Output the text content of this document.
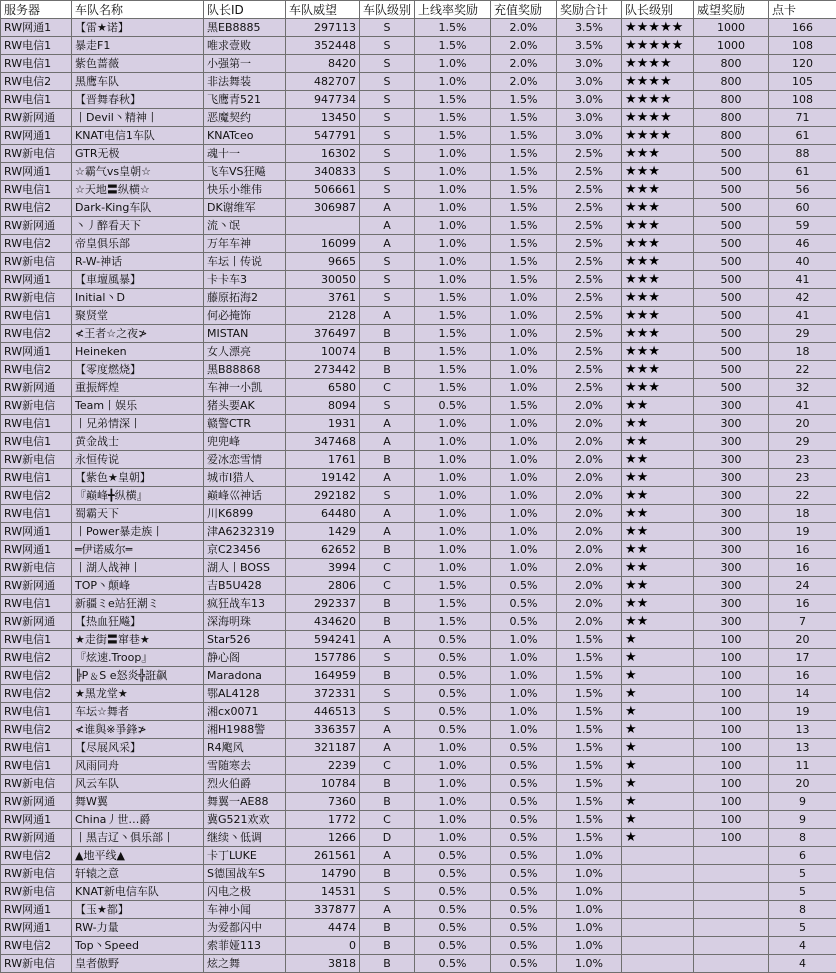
服务器	车队名称	队长ID	车队威望	车队级别	上线率奖励	充值奖励	奖励合计	队长级别	威望奖励	点卡
RW网通1	【雷★诺】	黑EB8885	297113	S	1.5%	2.0%	3.5%	★★★★★	1000	166
RW电信1	暴走F1	唯求壹败	352448	S	1.5%	2.0%	3.5%	★★★★★	1000	108
RW电信1	紫色蔷薇	小强第一	8420	S	1.0%	2.0%	3.0%	★★★★	800	120
RW电信2	黑鹰车队	非法舞装	482707	S	1.0%	2.0%	3.0%	★★★★	800	105
RW电信1	【晋舞春秋】	飞鹰青521	947734	S	1.5%	1.5%	3.0%	★★★★	800	108
RW新网通	丨Devil丶精神丨	恶魔契约	13450	S	1.5%	1.5%	3.0%	★★★★	800	71
RW网通1	KNAT电信1车队	KNATceo	547791	S	1.5%	1.5%	3.0%	★★★★	800	61
RW新电信	GTR无极	魂十一	16302	S	1.0%	1.5%	2.5%	★★★	500	88
RW网通1	☆霸气vs皇朝☆	飞车VS狂飚	340833	S	1.0%	1.5%	2.5%	★★★	500	61
RW电信1	☆天地〓纵横☆	快乐小维伟	506661	S	1.0%	1.5%	2.5%	★★★	500	56
RW电信2	Dark-King车队	DK谢维军	306987	A	1.0%	1.5%	2.5%	★★★	500	60
RW新网通	丶丿醉看天下	流丶氓		A	1.0%	1.5%	2.5%	★★★	500	59
RW电信2	帝皇俱乐部	万年车神	16099	A	1.0%	1.5%	2.5%	★★★	500	46
RW新电信	R-W-神话	车坛丨传说	9665	S	1.0%	1.5%	2.5%	★★★	500	40
RW网通1	【車壇風暴】	卡卡车3	30050	S	1.0%	1.5%	2.5%	★★★	500	41
RW新电信	Initial丶D	藤原拓海2	3761	S	1.5%	1.0%	2.5%	★★★	500	42
RW电信1	聚贤堂	何必掩饰	2128	A	1.5%	1.0%	2.5%	★★★	500	41
RW电信2	≮王者☆之夜≯	MISTAN	376497	B	1.5%	1.0%	2.5%	★★★	500	29
RW网通1	Heineken	女人漂亮	10074	B	1.5%	1.0%	2.5%	★★★	500	18
RW电信2	【零度燃烧】	黑B88868	273442	B	1.5%	1.0%	2.5%	★★★	500	22
RW新网通	重振辉煌	车神一小凯	6580	C	1.5%	1.0%	2.5%	★★★	500	32
RW新电信	Team丨娱乐	猪头要AK	8094	S	0.5%	1.5%	2.0%	★★	300	41
RW电信1	丨兄弟情深丨	赣警CTR	1931	A	1.0%	1.0%	2.0%	★★	300	20
RW电信1	黄金战士	兜兜峰	347468	A	1.0%	1.0%	2.0%	★★	300	29
RW新电信	永恒传说	爱冰恋雪情	1761	B	1.0%	1.0%	2.0%	★★	300	23
RW电信1	【紫色★皇朝】	城市I猎人	19142	A	1.0%	1.0%	2.0%	★★	300	23
RW电信2	『巅峰╋纵横』	巅峰巛神话	292182	S	1.0%	1.0%	2.0%	★★	300	22
RW电信1	蜀霸天下	川K6899	64480	A	1.0%	1.0%	2.0%	★★	300	18
RW网通1	丨Power暴走族丨	津A6232319	1429	A	1.0%	1.0%	2.0%	★★	300	19
RW网通1	═伊诺威尔═	京C23456	62652	B	1.0%	1.0%	2.0%	★★	300	16
RW新电信	丨湖人战神丨	湖人丨BOSS	3994	C	1.0%	1.0%	2.0%	★★	300	16
RW新网通	TOP丶颠峰	吉B5U428	2806	C	1.5%	0.5%	2.0%	★★	300	24
RW电信1	新疆ミe站狂潮ミ	疯狂战车13	292337	B	1.5%	0.5%	2.0%	★★	300	16
RW新网通	【热血狂飚】	深海明珠	434620	B	1.5%	0.5%	2.0%	★★	300	7
RW电信1	★走街〓窜巷★	Star526	594241	A	0.5%	1.0%	1.5%	★	100	20
RW电信2	『炫速.Troop』	静心阁	157786	S	0.5%	1.0%	1.5%	★	100	17
RW电信2	╠P﹠S e怒炎╬誑飙	Maradona	164959	B	0.5%	1.0%	1.5%	★	100	16
RW电信2	★黑龙堂★	鄂AL4128	372331	S	0.5%	1.0%	1.5%	★	100	14
RW电信1	车坛☆舞者	湘cx0071	446513	S	0.5%	1.0%	1.5%	★	100	19
RW电信2	≮谁與※爭鋒≯	湘H1988警	336357	A	0.5%	1.0%	1.5%	★	100	13
RW电信1	【尽展风采】	R4飑风	321187	A	1.0%	0.5%	1.5%	★	100	13
RW电信1	风雨同舟	雪随寒去	2239	C	1.0%	0.5%	1.5%	★	100	11
RW新电信	风云车队	烈火伯爵	10784	B	1.0%	0.5%	1.5%	★	100	20
RW新网通	舞W翼	舞翼一AE88	7360	B	1.0%	0.5%	1.5%	★	100	9
RW网通1	China丿世…爵	冀G521欢欢	1772	C	1.0%	0.5%	1.5%	★	100	9
RW新网通	丨黑吉辽丶俱乐部丨	继续丶低调	1266	D	1.0%	0.5%	1.5%	★	100	8
RW电信2	▲地平线▲	卡丁LUKE	261561	A	0.5%	0.5%	1.0%			6
RW新电信	轩辕之意	S德国战车S	14790	B	0.5%	0.5%	1.0%			5
RW新电信	KNAT新电信车队	闪电之极	14531	S	0.5%	0.5%	1.0%			5
RW网通1	【玉★都】	车神小闻	337877	A	0.5%	0.5%	1.0%			8
RW网通1	RW-力量	为爱都闪中	4474	B	0.5%	0.5%	1.0%			5
RW电信2	Top丶Speed	索菲娅113	0	B	0.5%	0.5%	1.0%			4
RW新电信	皇者傲野	炫之舞	3818	B	0.5%	0.5%	1.0%			4
